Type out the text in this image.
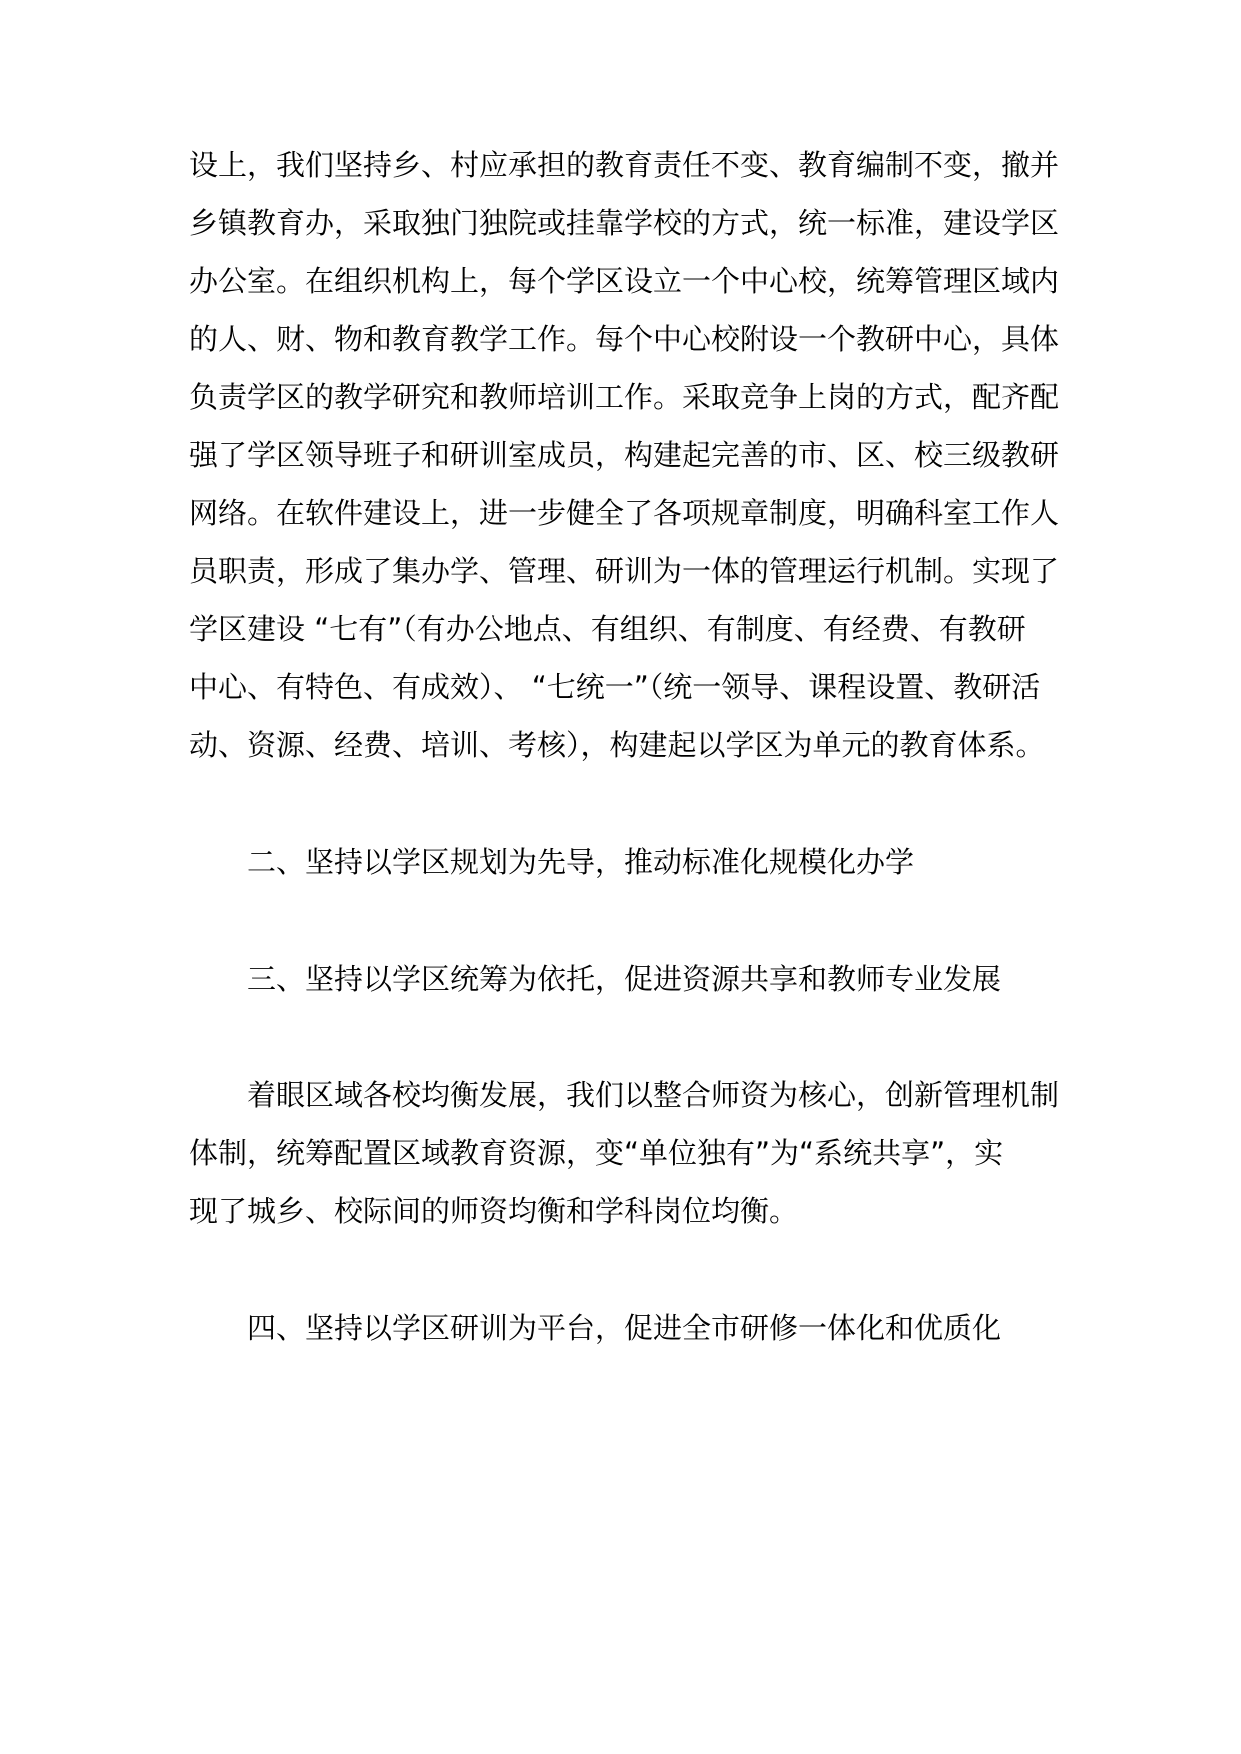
设上，我们坚持乡、村应承担的教育责任不变、教育编制不变，撤并
乡镇教育办，采取独门独院或挂靠学校的方式，统一标准，建设学区
办公室。在组织机构上，每个学区设立一个中心校，统筹管理区域内
的人、财、物和教育教学工作。每个中心校附设一个教研中心，具体
负责学区的教学研究和教师培训工作。采取竞争上岗的方式，配齐配
强了学区领导班子和研训室成员，构建起完善的市、区、校三级教研
网络。在软件建设上，进一步健全了各项规章制度，明确科室工作人
员职责，形成了集办学、管理、研训为一体的管理运行机制。实现了
学区建设 “七有”（有办公地点、有组织、有制度、有经费、有教研
中心、有特色、有成效）、 “七统一”（统一领导、课程设置、教研活
动、资源、经费、培训、考核），构建起以学区为单元的教育体系。
二、坚持以学区规划为先导，推动标准化规模化办学
三、坚持以学区统筹为依托，促进资源共享和教师专业发展
着眼区域各校均衡发展，我们以整合师资为核心，创新管理机制
体制，统筹配置区域教育资源，变“单位独有”为“系统共享”，实
现了城乡、校际间的师资均衡和学科岗位均衡。
四、坚持以学区研训为平台，促进全市研修一体化和优质化
